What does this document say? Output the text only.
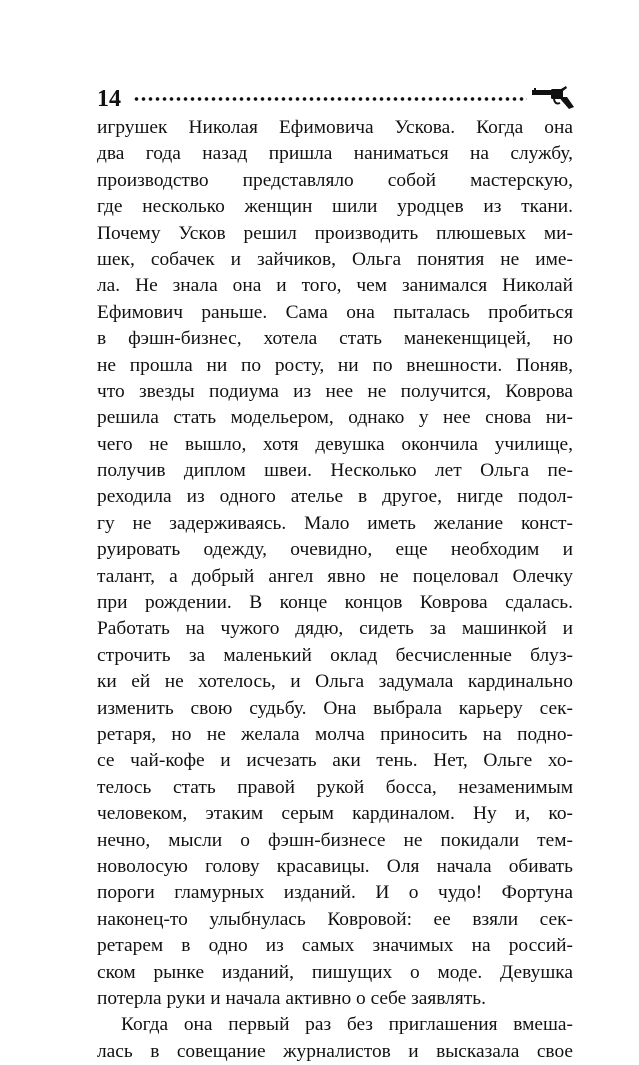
14
игрушек Николая Ефимовича Ускова. Когда она
два года назад пришла наниматься на службу,
производство представляло собой мастерскую,
где несколько женщин шили уродцев из ткани.
Почему Усков решил производить плюшевых ми-
шек, собачек и зайчиков, Ольга понятия не име-
ла. Не знала она и того, чем занимался Николай
Ефимович раньше. Сама она пыталась пробиться
в фэшн-бизнес, хотела стать манекенщицей, но
не прошла ни по росту, ни по внешности. Поняв,
что звезды подиума из нее не получится, Коврова
решила стать модельером, однако у нее снова ни-
чего не вышло, хотя девушка окончила училище,
получив диплом швеи. Несколько лет Ольга пе-
реходила из одного ателье в другое, нигде подол-
гу не задерживаясь. Мало иметь желание конст-
руировать одежду, очевидно, еще необходим и
талант, а добрый ангел явно не поцеловал Олечку
при рождении. В конце концов Коврова сдалась.
Работать на чужого дядю, сидеть за машинкой и
строчить за маленький оклад бесчисленные блуз-
ки ей не хотелось, и Ольга задумала кардинально
изменить свою судьбу. Она выбрала карьеру сек-
ретаря, но не желала молча приносить на подно-
се чай-кофе и исчезать аки тень. Нет, Ольге хо-
телось стать правой рукой босса, незаменимым
человеком, этаким серым кардиналом. Ну и, ко-
нечно, мысли о фэшн-бизнесе не покидали тем-
новолосую голову красавицы. Оля начала обивать
пороги гламурных изданий. И о чудо! Фортуна
наконец-то улыбнулась Ковровой: ее взяли сек-
ретарем в одно из самых значимых на россий-
ском рынке изданий, пишущих о моде. Девушка
потерла руки и начала активно о себе заявлять.
Когда она первый раз без приглашения вмеша-
лась в совещание журналистов и высказала свое
